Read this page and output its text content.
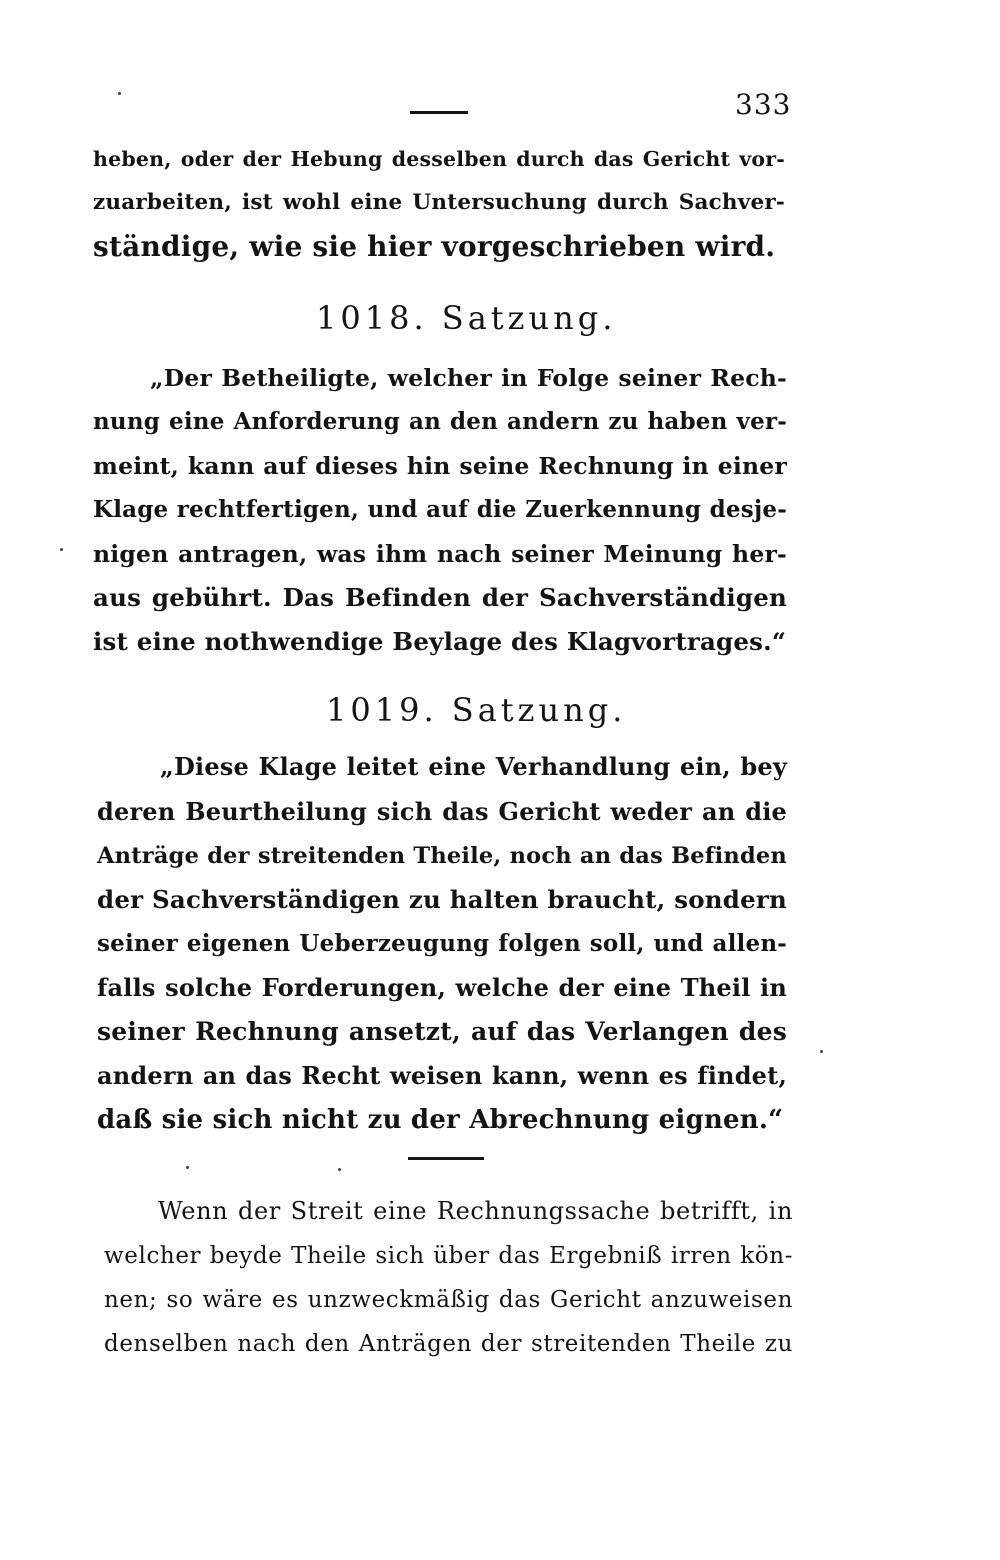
333
heben, oder der Hebung desselben durch das Gericht vor-
zuarbeiten, ist wohl eine Untersuchung durch Sachver-
ständige, wie sie hier vorgeschrieben wird.
1018. Satzung.
„Der Betheiligte, welcher in Folge seiner Rech-
nung eine Anforderung an den andern zu haben ver-
meint, kann auf dieses hin seine Rechnung in einer
Klage rechtfertigen, und auf die Zuerkennung desje-
nigen antragen, was ihm nach seiner Meinung her-
aus gebührt. Das Befinden der Sachverständigen
ist eine nothwendige Beylage des Klagvortrages.“
1019. Satzung.
„Diese Klage leitet eine Verhandlung ein, bey
deren Beurtheilung sich das Gericht weder an die
Anträge der streitenden Theile, noch an das Befinden
der Sachverständigen zu halten braucht, sondern
seiner eigenen Ueberzeugung folgen soll, und allen-
falls solche Forderungen, welche der eine Theil in
seiner Rechnung ansetzt, auf das Verlangen des
andern an das Recht weisen kann, wenn es findet,
daß sie sich nicht zu der Abrechnung eignen.“
Wenn der Streit eine Rechnungssache betrifft, in
welcher beyde Theile sich über das Ergebniß irren kön-
nen; so wäre es unzweckmäßig das Gericht anzuweisen
denselben nach den Anträgen der streitenden Theile zu
